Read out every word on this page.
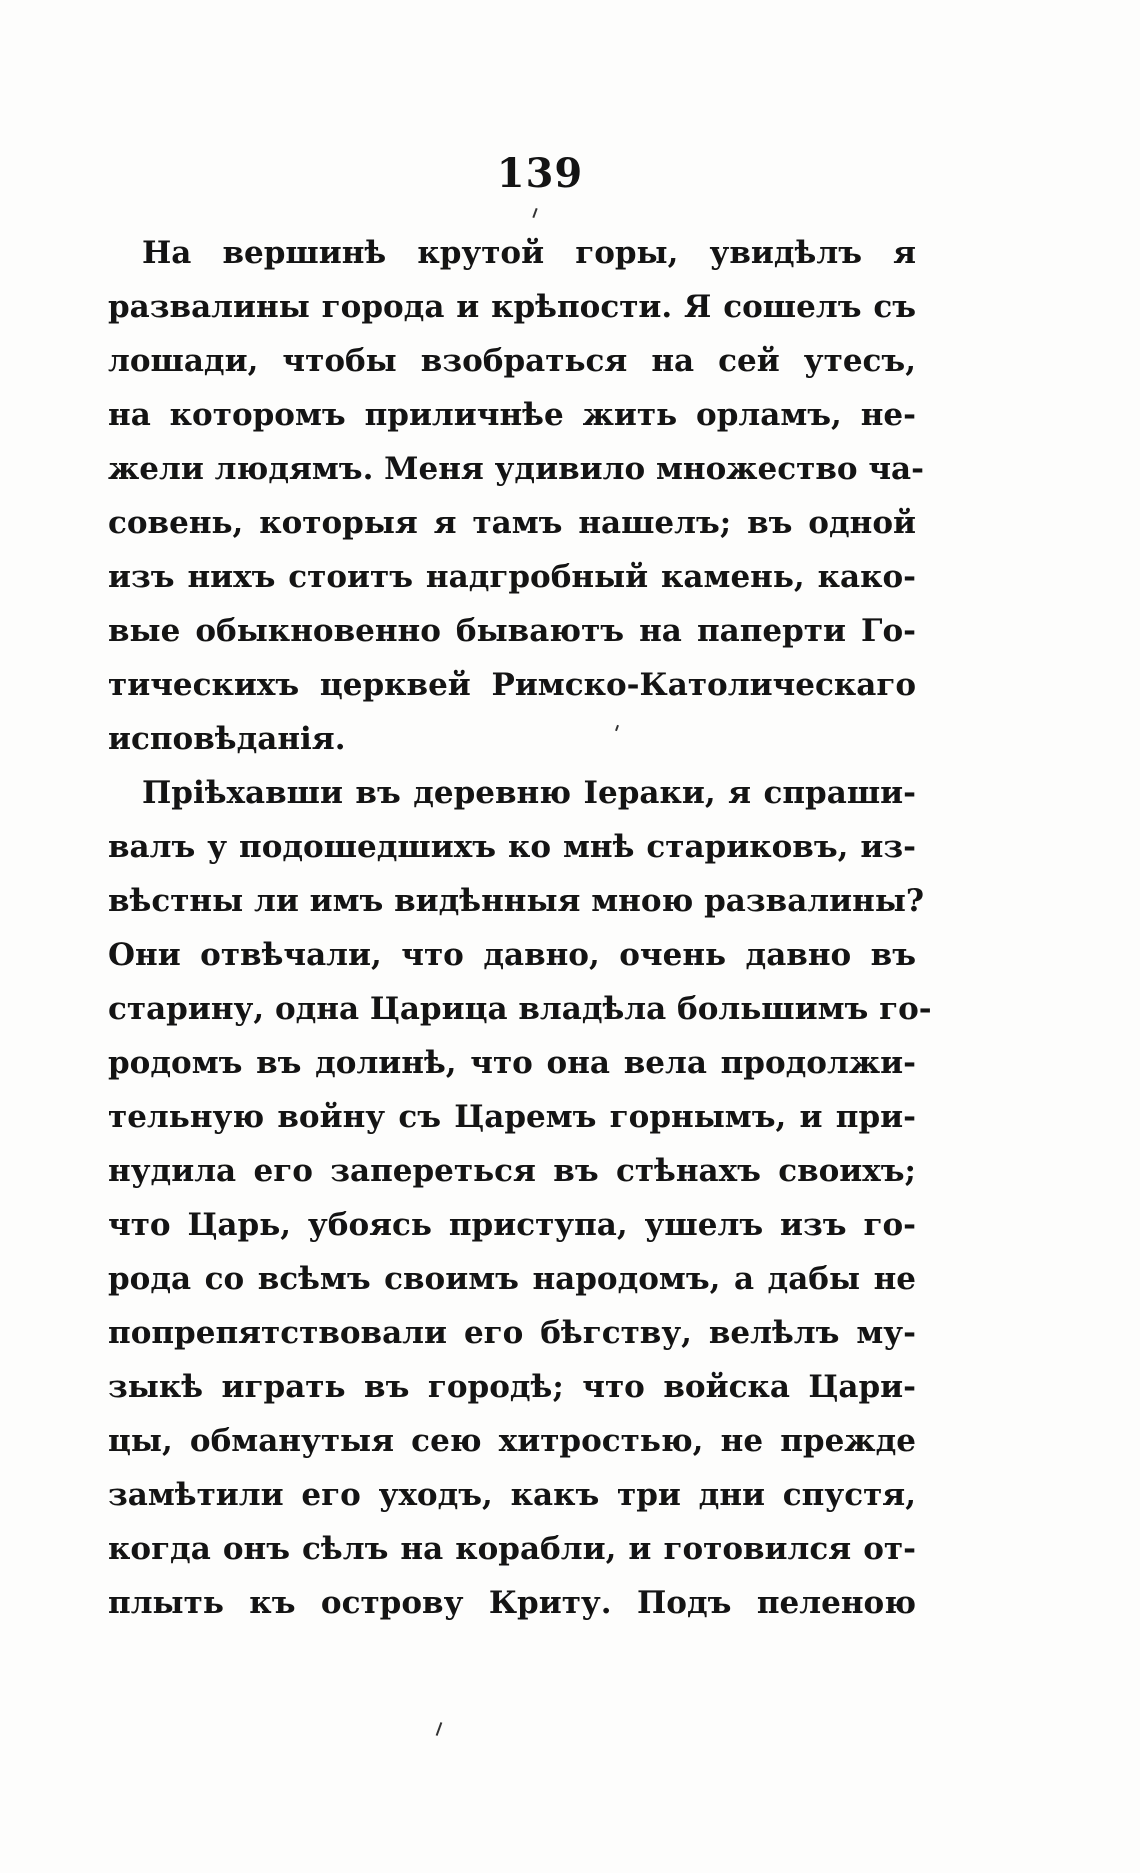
139

На вершинѣ крутой горы, увидѣлъ я
развалины города и крѣпости. Я сошелъ съ
лошади, чтобы взобраться на сей утесъ,
на которомъ приличнѣе жить орламъ, не-
жели людямъ. Меня удивило множество ча-
совень, которыя я тамъ нашелъ; въ одной
изъ нихъ стоитъ надгробный камень, како-
вые обыкновенно бываютъ на паперти Го-
тическихъ церквей Римско-Католическаго
исповѣданія.
Пріѣхавши въ деревню Іераки, я спраши-
валъ у подошедшихъ ко мнѣ стариковъ, из-
вѣстны ли имъ видѣнныя мною развалины?
Они отвѣчали, что давно, очень давно въ
старину, одна Царица владѣла большимъ го-
родомъ въ долинѣ, что она вела продолжи-
тельную войну съ Царемъ горнымъ, и при-
нудила его запереться въ стѣнахъ своихъ;
что Царь, убоясь приступа, ушелъ изъ го-
рода со всѣмъ своимъ народомъ, а дабы не
попрепятствовали его бѣгству, велѣлъ му-
зыкѣ играть въ городѣ; что войска Цари-
цы, обманутыя сею хитростью, не прежде
замѣтили его уходъ, какъ три дни спустя,
когда онъ сѣлъ на корабли, и готовился от-
плыть къ острову Криту. Подъ пеленою
